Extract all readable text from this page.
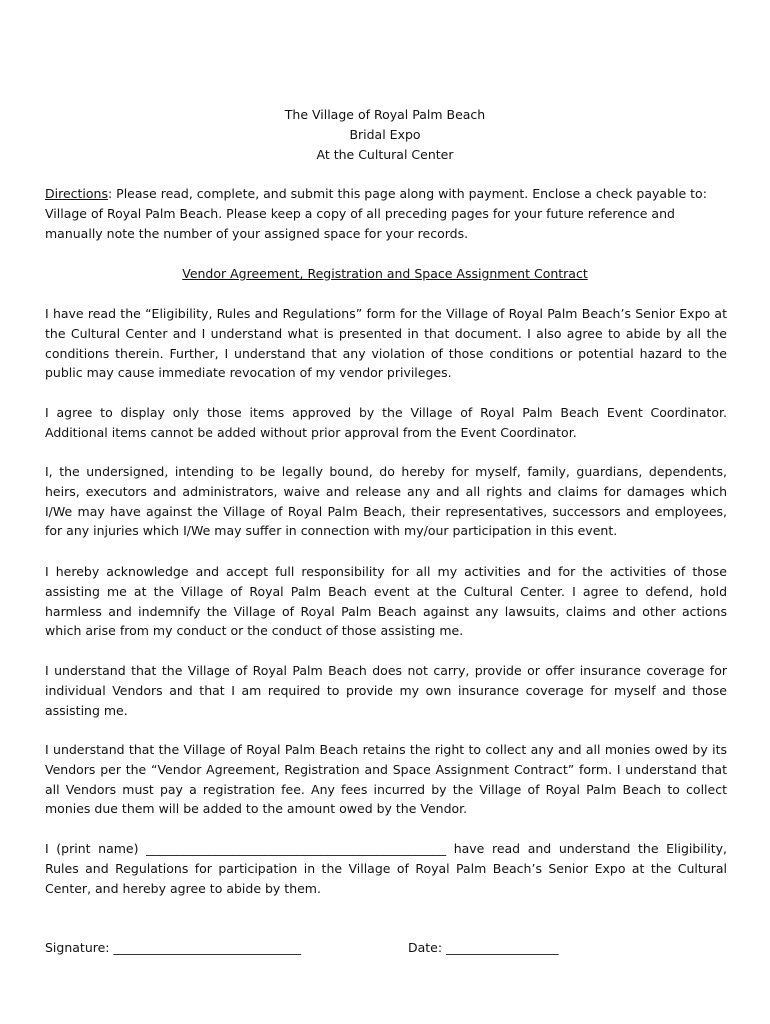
The Village of Royal Palm Beach
Bridal Expo
At the Cultural Center
Directions: Please read, complete, and submit this page along with payment. Enclose a check payable to: Village of Royal Palm Beach. Please keep a copy of all preceding pages for your future reference and manually note the number of your assigned space for your records.
Vendor Agreement, Registration and Space Assignment Contract
I have read the “Eligibility, Rules and Regulations” form for the Village of Royal Palm Beach’s Senior Expo at the Cultural Center and I understand what is presented in that document. I also agree to abide by all the conditions therein. Further, I understand that any violation of those conditions or potential hazard to the public may cause immediate revocation of my vendor privileges.
I agree to display only those items approved by the Village of Royal Palm Beach Event Coordinator. Additional items cannot be added without prior approval from the Event Coordinator.
I, the undersigned, intending to be legally bound, do hereby for myself, family, guardians, dependents, heirs, executors and administrators, waive and release any and all rights and claims for damages which I/We may have against the Village of Royal Palm Beach, their representatives, successors and employees, for any injuries which I/We may suffer in connection with my/our participation in this event.
I hereby acknowledge and accept full responsibility for all my activities and for the activities of those assisting me at the Village of Royal Palm Beach event at the Cultural Center. I agree to defend, hold harmless and indemnify the Village of Royal Palm Beach against any lawsuits, claims and other actions which arise from my conduct or the conduct of those assisting me.
I understand that the Village of Royal Palm Beach does not carry, provide or offer insurance coverage for individual Vendors and that I am required to provide my own insurance coverage for myself and those assisting me.
I understand that the Village of Royal Palm Beach retains the right to collect any and all monies owed by its Vendors per the “Vendor Agreement, Registration and Space Assignment Contract” form. I understand that all Vendors must pay a registration fee. Any fees incurred by the Village of Royal Palm Beach to collect monies due them will be added to the amount owed by the Vendor.
I (print name) ________________________________________________ have read and understand the Eligibility, Rules and Regulations for participation in the Village of Royal Palm Beach’s Senior Expo at the Cultural Center, and hereby agree to abide by them.
Signature: ______________________________	Date: __________________
